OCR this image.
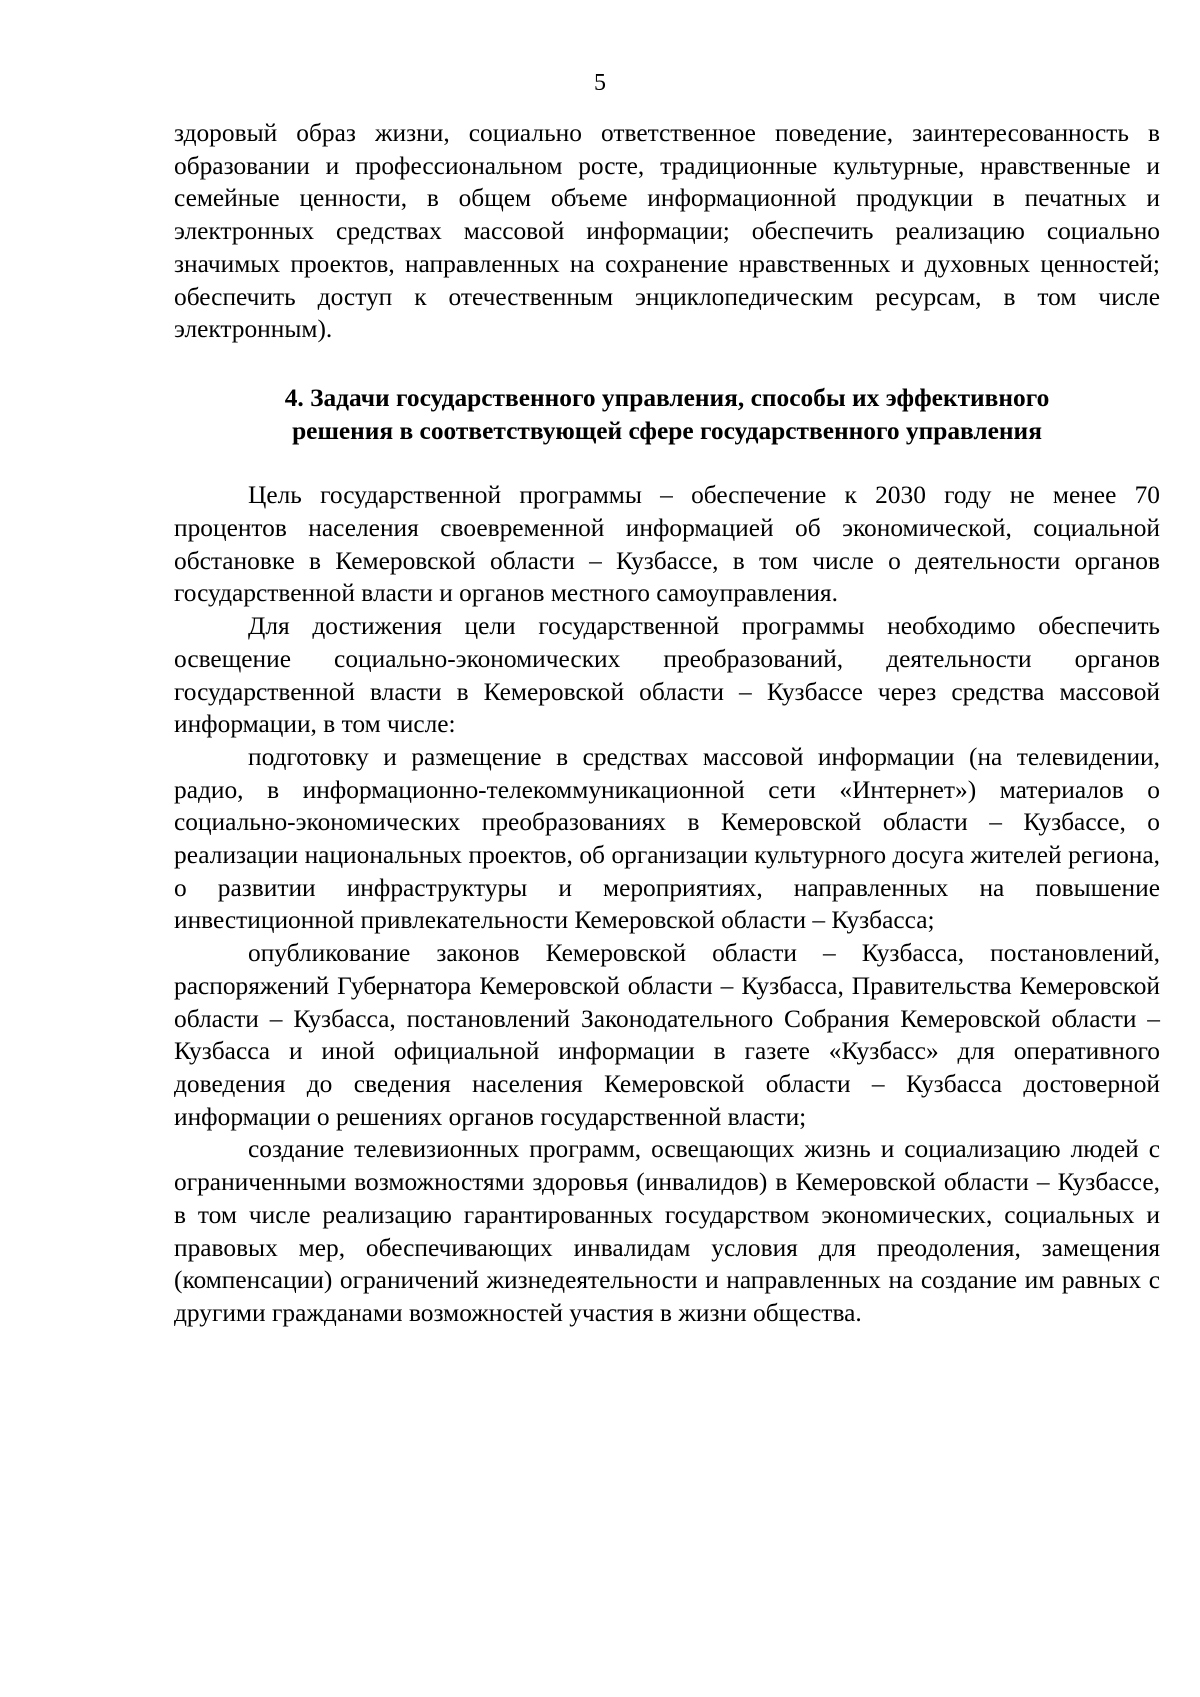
5

здоровый образ жизни, социально ответственное поведение, заинтересованность в образовании и профессиональном росте, традиционные культурные, нравственные и семейные ценности, в общем объеме информационной продукции в печатных и электронных средствах массовой информации; обеспечить реализацию социально значимых проектов, направленных на сохранение нравственных и духовных ценностей; обеспечить доступ к отечественным энциклопедическим ресурсам, в том числе электронным).

4. Задачи государственного управления, способы их эффективного
решения в соответствующей сфере государственного управления

Цель государственной программы – обеспечение к 2030 году не менее 70 процентов населения своевременной информацией об экономической, социальной обстановке в Кемеровской области – Кузбассе, в том числе о деятельности органов государственной власти и органов местного самоуправления.

Для достижения цели государственной программы необходимо обеспечить освещение социально-экономических преобразований, деятельности органов государственной власти в Кемеровской области – Кузбассе через средства массовой информации, в том числе:

подготовку и размещение в средствах массовой информации (на телевидении, радио, в информационно-телекоммуникационной сети «Интернет») материалов о социально-экономических преобразованиях в Кемеровской области – Кузбассе, о реализации национальных проектов, об организации культурного досуга жителей региона, о развитии инфраструктуры и мероприятиях, направленных на повышение инвестиционной привлекательности Кемеровской области – Кузбасса;

опубликование законов Кемеровской области – Кузбасса, постановлений, распоряжений Губернатора Кемеровской области – Кузбасса, Правительства Кемеровской области – Кузбасса, постановлений Законодательного Собрания Кемеровской области – Кузбасса и иной официальной информации в газете «Кузбасс» для оперативного доведения до сведения населения Кемеровской области – Кузбасса достоверной информации о решениях органов государственной власти;

создание телевизионных программ, освещающих жизнь и социализацию людей с ограниченными возможностями здоровья (инвалидов) в Кемеровской области – Кузбассе, в том числе реализацию гарантированных государством экономических, социальных и правовых мер, обеспечивающих инвалидам условия для преодоления, замещения (компенсации) ограничений жизнедеятельности и направленных на создание им равных с другими гражданами возможностей участия в жизни общества.
